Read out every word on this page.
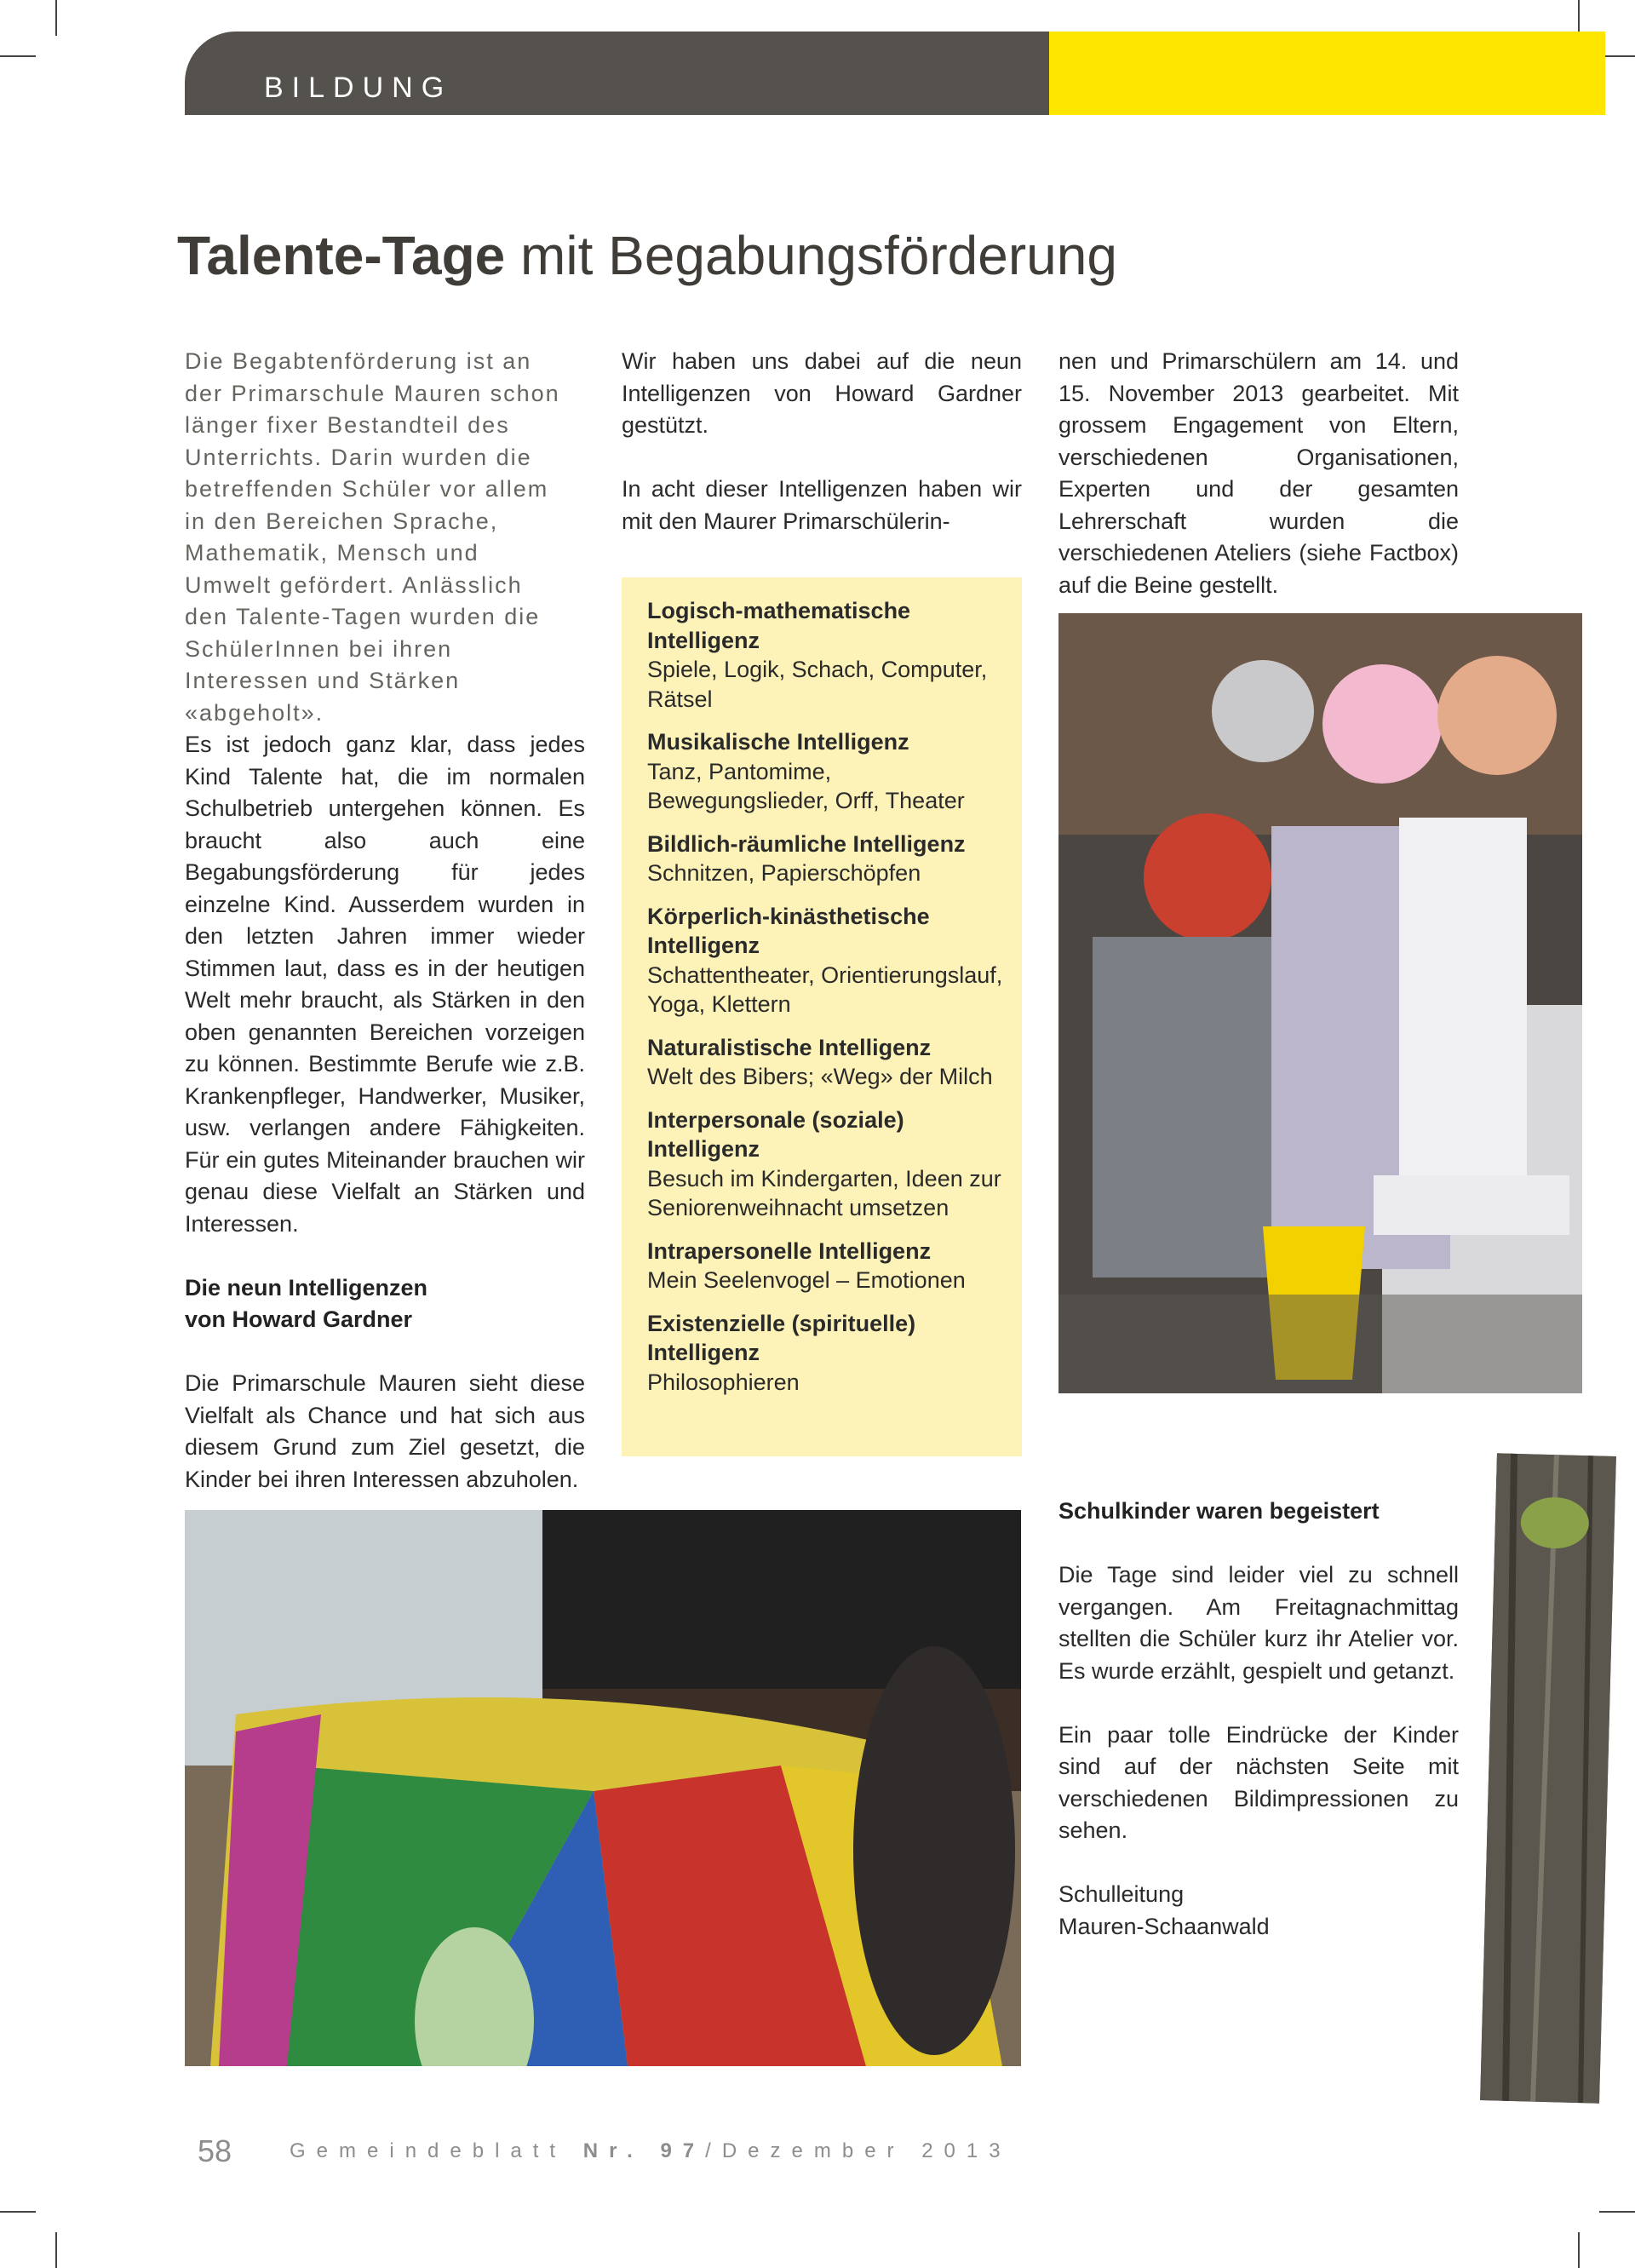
BILDUNG
Talente-Tage mit Begabungsförderung

Die Begabtenförderung ist an der Primarschule Mauren schon länger fixer Bestandteil des Unterrichts. Darin wurden die betreffenden Schüler vor allem in den Bereichen Sprache, Mathematik, Mensch und Umwelt gefördert. Anlässlich den Talente-Tagen wurden die SchülerInnen bei ihren Interessen und Stärken «abgeholt».

Es ist jedoch ganz klar, dass jedes Kind Talente hat, die im normalen Schulbetrieb untergehen können. Es braucht also auch eine Begabungsförderung für jedes einzelne Kind. Ausserdem wurden in den letzten Jahren immer wieder Stimmen laut, dass es in der heutigen Welt mehr braucht, als Stärken in den oben genannten Bereichen vorzeigen zu können. Bestimmte Berufe wie z.B. Krankenpfleger, Handwerker, Musiker, usw. verlangen andere Fähigkeiten. Für ein gutes Miteinander brauchen wir genau diese Vielfalt an Stärken und Interessen.

Die neun Intelligenzen
von Howard Gardner

Die Primarschule Mauren sieht diese Vielfalt als Chance und hat sich aus diesem Grund zum Ziel gesetzt, die Kinder bei ihren Interessen abzuholen.

Wir haben uns dabei auf die neun Intelligenzen von Howard Gardner gestützt.

Logisch-mathematische Intelligenz
Spiele, Logik, Schach, Computer, Rätsel
Musikalische Intelligenz
Tanz, Pantomime, Bewegungslieder, Orff, Theater
Bildlich-räumliche Intelligenz
Schnitzen, Papierschöpfen
Körperlich-kinästhetische Intelligenz
Schattentheater, Orientierungslauf, Yoga, Klettern
Naturalistische Intelligenz
Welt des Bibers; «Weg» der Milch
Interpersonale (soziale) Intelligenz
Besuch im Kindergarten, Ideen zur Seniorenweihnacht umsetzen
Intrapersonelle Intelligenz
Mein Seelenvogel – Emotionen
Existenzielle (spirituelle) Intelligenz
Philosophieren

nen und Primarschülern am 14. und 15. November 2013 gearbeitet. Mit grossem Engagement von Eltern, verschiedenen Organisationen, Experten und der gesamten Lehrerschaft wurden die verschiedenen Ateliers (siehe Factbox) auf die Beine gestellt.

In acht dieser Intelligenzen haben wir mit den Maurer Primarschülerin-

Schulkinder waren begeistert

Die Tage sind leider viel zu schnell vergangen. Am Freitagnachmittag stellten die Schüler kurz ihr Atelier vor. Es wurde erzählt, gespielt und getanzt.

Ein paar tolle Eindrücke der Kinder sind auf der nächsten Seite mit verschiedenen Bildimpressionen zu sehen.

Schulleitung
Mauren-Schaanwald

58	Gemeindeblatt Nr. 97/Dezember 2013
